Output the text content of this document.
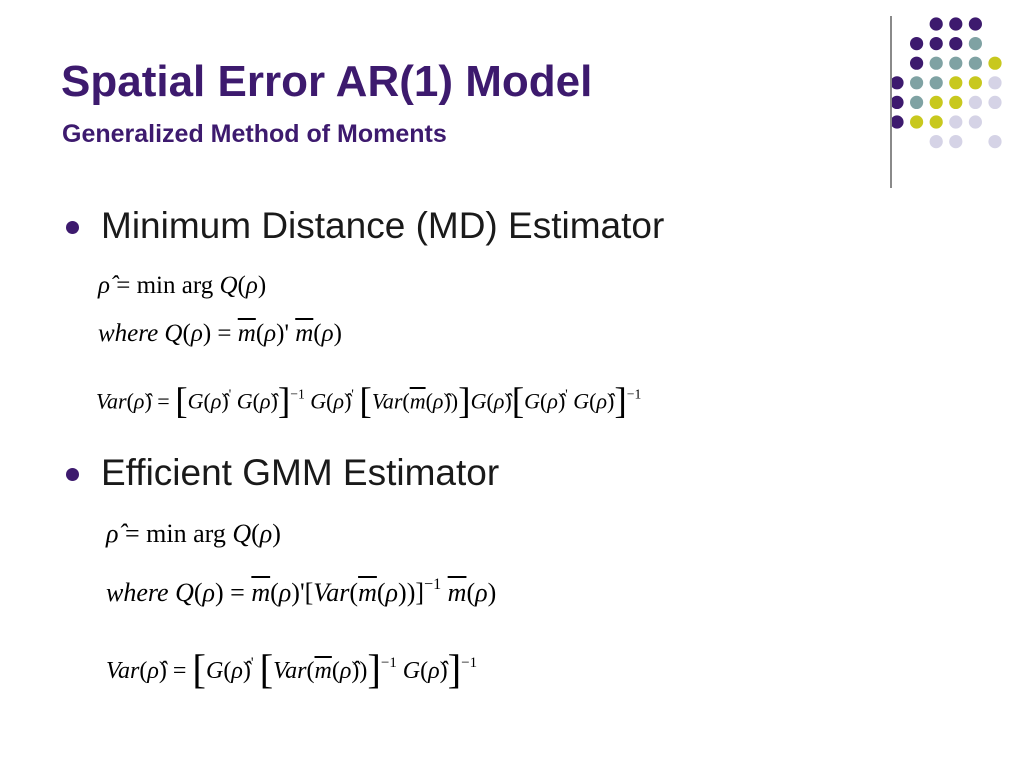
Spatial Error AR(1) Model
Generalized Method of Moments

Minimum Distance (MD) Estimator

ρ̂ = min arg Q(ρ)
where $Q(\rho) = \overline{m}(\rho)'$ $\overline{m}(\rho)$
Var(ρ̂) = [G(ρ̂)' G(ρ̂)]$^{-1}$ G(ρ̂)' $[Var(\overline{m}(\rhô))]G(\rhô)[G(\rhô)'$ G(ρ̂)]$^{-1}$

Efficient GMM Estimator

ρ̂ = min arg Q(ρ)
where $Q(\rho) = \overline{m}(\rho)'[Var(\overline{m}(\rho))]^{-1}$ $\overline{m}(\rho)$
Var(ρ̂) = [G(ρ̂)' $[Var(\overline{m}(\rhô))]^{-1}$ G(ρ̂)]$^{-1}$
